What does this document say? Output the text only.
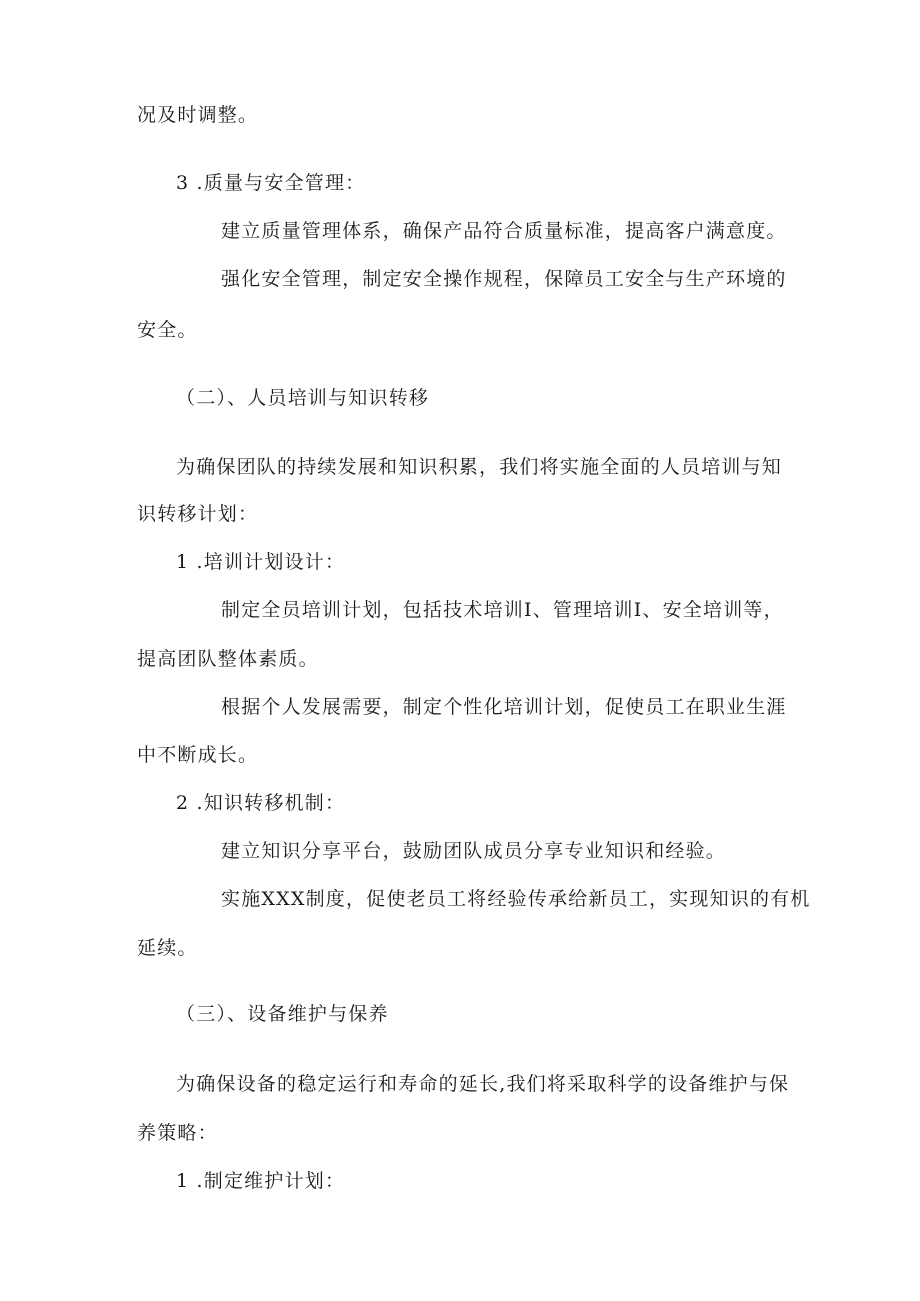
况及时调整。
3 .质量与安全管理：
建立质量管理体系，确保产品符合质量标准，提高客户满意度。
强化安全管理，制定安全操作规程，保障员工安全与生产环境的
安全。
（二）、人员培训与知识转移
为确保团队的持续发展和知识积累，我们将实施全面的人员培训与知
识转移计划：
1 .培训计划设计：
制定全员培训计划，包括技术培训I、管理培训I、安全培训等，
提高团队整体素质。
根据个人发展需要，制定个性化培训计划，促使员工在职业生涯
中不断成长。
2 .知识转移机制：
建立知识分享平台，鼓励团队成员分享专业知识和经验。
实施XXX制度，促使老员工将经验传承给新员工，实现知识的有机
延续。
（三）、设备维护与保养
为确保设备的稳定运行和寿命的延长,我们将采取科学的设备维护与保
养策略：
1 .制定维护计划：
